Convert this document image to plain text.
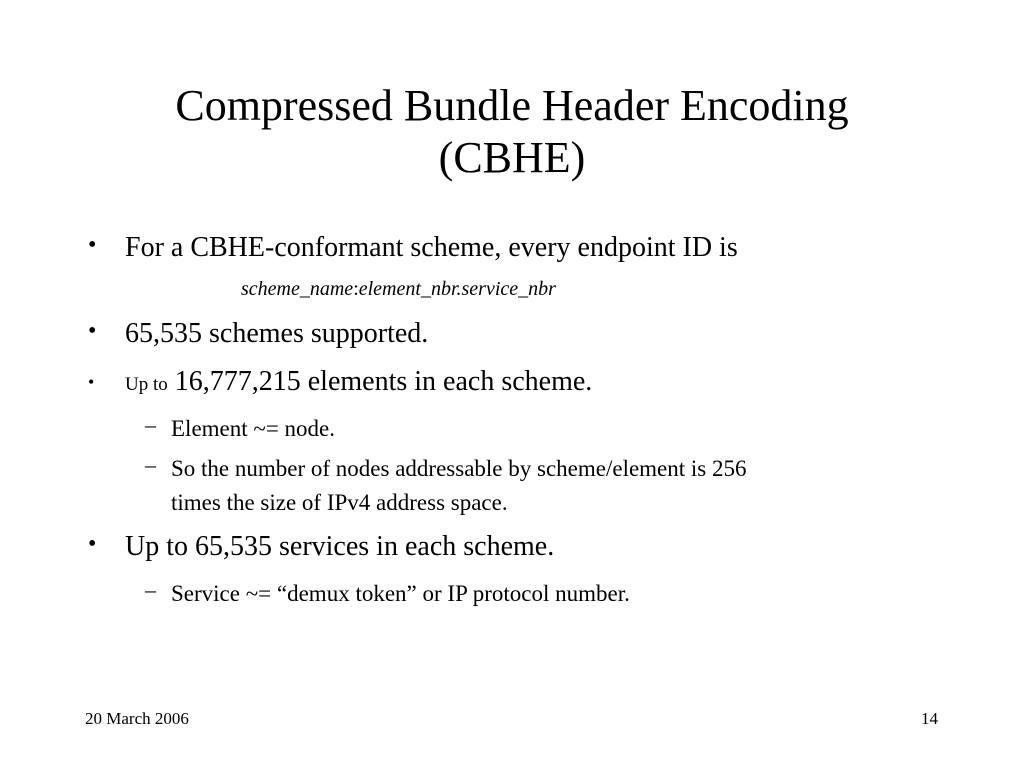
Compressed Bundle Header Encoding
(CBHE)
• For a CBHE-conformant scheme, every endpoint ID is
scheme_name:element_nbr.service_nbr
• 65,535 schemes supported.
• Up to 16,777,215 elements in each scheme.
– Element ~= node.
– So the number of nodes addressable by scheme/element is 256
times the size of IPv4 address space.
• Up to 65,535 services in each scheme.
– Service ~= “demux token” or IP protocol number.
20 March 2006	14
